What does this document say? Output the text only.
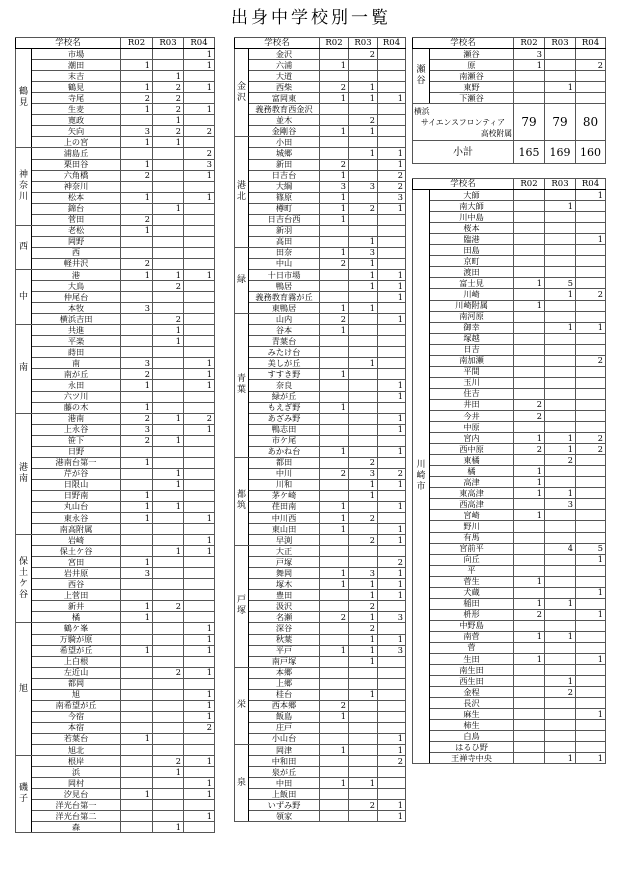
出身中学校別一覧
学校名		R02	R03	R04
鶴見	市場			1
	潮田	1		1
	末吉		1	
	鶴見	1	2	1
	寺尾	2	2	
	生麦	1	2	1
	寛政		1	
	矢向	3	2	2
	上の宮	1	1	
神奈川	浦島丘			2
	栗田谷	1		3
	六角橋	2		1
	神奈川			
	松本	1		1
	錦台		1	
	菅田	2		
西	老松	1		
	岡野			
	西			
	軽井沢	2		
中	港	1	1	1
	大鳥		2	
	仲尾台			
	本牧	3		
	横浜吉田		2	
南	共進		1	
	平楽		1	
	蒔田			
	南	3		1
	南が丘	2		1
	永田	1		1
	六ツ川			
	藤の木	1		
港南	港南	2	1	2
	上永谷	3		1
	笹下	2	1	
	日野			
	港南台第一	1		
	芹が谷		1	
	日限山		1	
	日野南	1		
	丸山台	1	1	
	東永谷	1		1
	南高附属			
保土ケ谷	岩崎			1
	保土ケ谷		1	1
	宮田	1		
	岩井原	3		
	西谷			
	上菅田			
	新井	1	2	
	橘	1		
旭	鶴ケ峯			1
	万騎が原			1
	希望が丘	1		1
	上白根			
	左近山		2	1
	都岡			
	旭			1
	南希望が丘			1
	今宿			1
	本宿			2
	若葉台	1		
	旭北			
磯子	根岸		2	1
	浜		1	
	岡村			1
	汐見台	1		1
	洋光台第一			
	洋光台第二			1
	森		1	
学校名		R02	R03	R04
金沢	金沢		2	
	六浦	1		
	大道			
	西柴	2	1	
	富岡東	1	1	1
	義務教育西金沢			
	並木		2	
	金剛谷	1	1	
港北	小田			
	城郷		1	1
	新田	2		1
	日吉台	1		2
	大綱	3	3	2
	篠原	1		3
	樽町	1	2	1
	日吉台西	1		
	新羽			
	高田		1	
緑	田奈	1	3	
	中山	2	1	
	十日市場		1	1
	鴨居		1	1
	義務教育霧が丘			1
	東鴨居	1	1	
青葉	山内	2		1
	谷本	1		
	青葉台			
	みたけ台			
	美しが丘		1	
	すすき野	1		
	奈良			1
	緑が丘			1
	もえぎ野	1		
	あざみ野			1
	鴨志田			1
	市ケ尾			
	あかね台	1		1
都筑	都田		2	
	中川	2	3	2
	川和		1	1
	茅ケ崎		1	
	荏田南	1		1
	中川西	1	2	
	東山田	1		1
	早渕		2	1
戸塚	大正			
	戸塚			2
	舞岡	1	3	1
	塚木	1	1	1
	豊田		1	1
	汲沢		2	
	名瀬	2	1	3
	深谷		2	
	秋葉		1	1
	平戸	1	1	3
	南戸塚		1	
栄	本郷			
	上郷			
	桂台		1	
	西本郷	2		
	飯島	1		
	庄戸			
	小山台			1
泉	岡津	1		1
	中和田			2
	泉が丘			
	中田	1	1	
	上飯田			
	いずみ野		2	1
	領家			1
学校名		R02	R03	R04
瀬谷	瀬谷	3		
	原	1		2
	南瀬谷			
	東野		1	
	下瀬谷			

横浜
サイエンスフロンティア
高校附属		79	79	80
小計		165	169	160
学校名		R02	R03	R04
川崎市	大師			1
	南大師		1	
	川中島			
	桜本			
	臨港			1
	田島			
	京町			
	渡田			
	富士見	1	5	
	川崎		1	2
	川崎附属	1		
	南河原			
	御幸		1	1
	塚越			
	日吉			
	南加瀬			2
	平間			
	玉川			
	住吉			
	井田	2		
	今井	2		
	中原			
	宮内	1	1	2
	西中原	2	1	2
	東橘		2	
	橘	1		
	高津	1		
	東高津	1	1	
	西高津		3	
	宮崎	1		
	野川			
	有馬			
	宮前平		4	5
	向丘			1
	平			
	菅生	1		
	犬蔵			1
	稲田	1	1	
	枡形	2		1
	中野島			
	南菅	1	1	
	菅			
	生田	1		1
	南生田			
	西生田		1	
	金程		2	
	長沢			
	麻生			1
	柿生			
	白鳥			
	はるひ野			
	王禅寺中央		1	1
